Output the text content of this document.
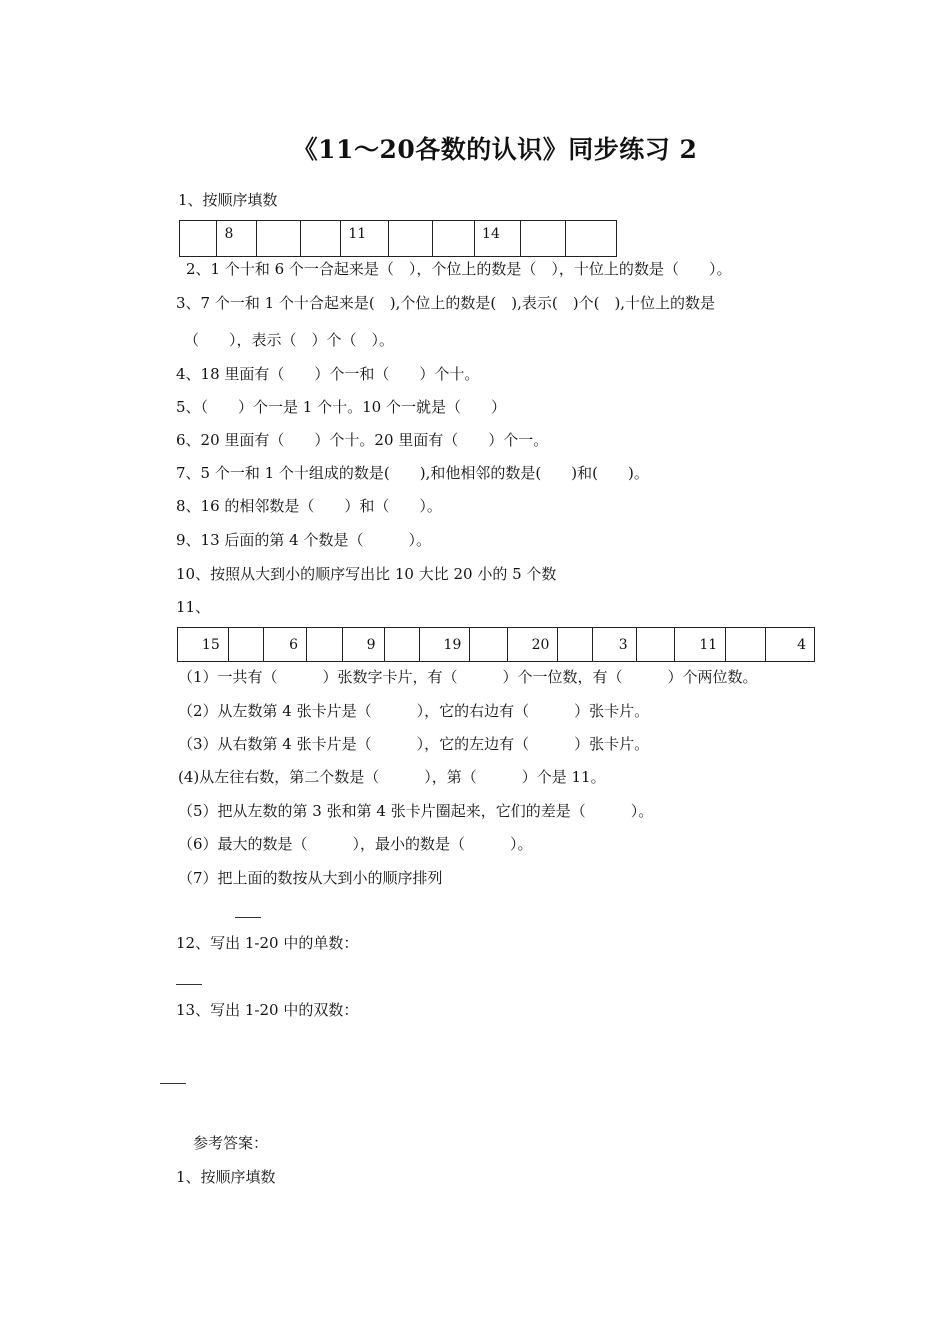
《11～20各数的认识》同步练习 2
1、按顺序填数
	8			11			14		
2、1 个十和 6 个一合起来是（　），个位上的数是（　），十位上的数是（　　）。
3、7 个一和 1 个十合起来是(　),个位上的数是(　),表示(　)个(　),十位上的数是
（　　），表示（　）个（　）。
4、18 里面有（　　）个一和（　　）个十。
5、（　　）个一是 1 个十。10 个一就是（　　）
6、20 里面有（　　）个十。20 里面有（　　）个一。
7、5 个一和 1 个十组成的数是(　　),和他相邻的数是(　　)和(　　)。
8、16 的相邻数是（　　）和（　　）。
9、13 后面的第 4 个数是（　　　）。
10、按照从大到小的顺序写出比 10 大比 20 小的 5 个数
11、
15		6		9		19		20		3		11		4
（1）一共有（　　　）张数字卡片，有（　　　）个一位数，有（　　　）个两位数。
（2）从左数第 4 张卡片是（　　　），它的右边有（　　　）张卡片。
（3）从右数第 4 张卡片是（　　　），它的左边有（　　　）张卡片。
(4)从左往右数，第二个数是（　　　），第（　　　）个是 11。
（5）把从左数的第 3 张和第 4 张卡片圈起来，它们的差是（　　　）。
（6）最大的数是（　　　），最小的数是（　　　）。
（7）把上面的数按从大到小的顺序排列
12、写出 1-20 中的单数：
13、写出 1-20 中的双数：
参考答案：
1、按顺序填数
